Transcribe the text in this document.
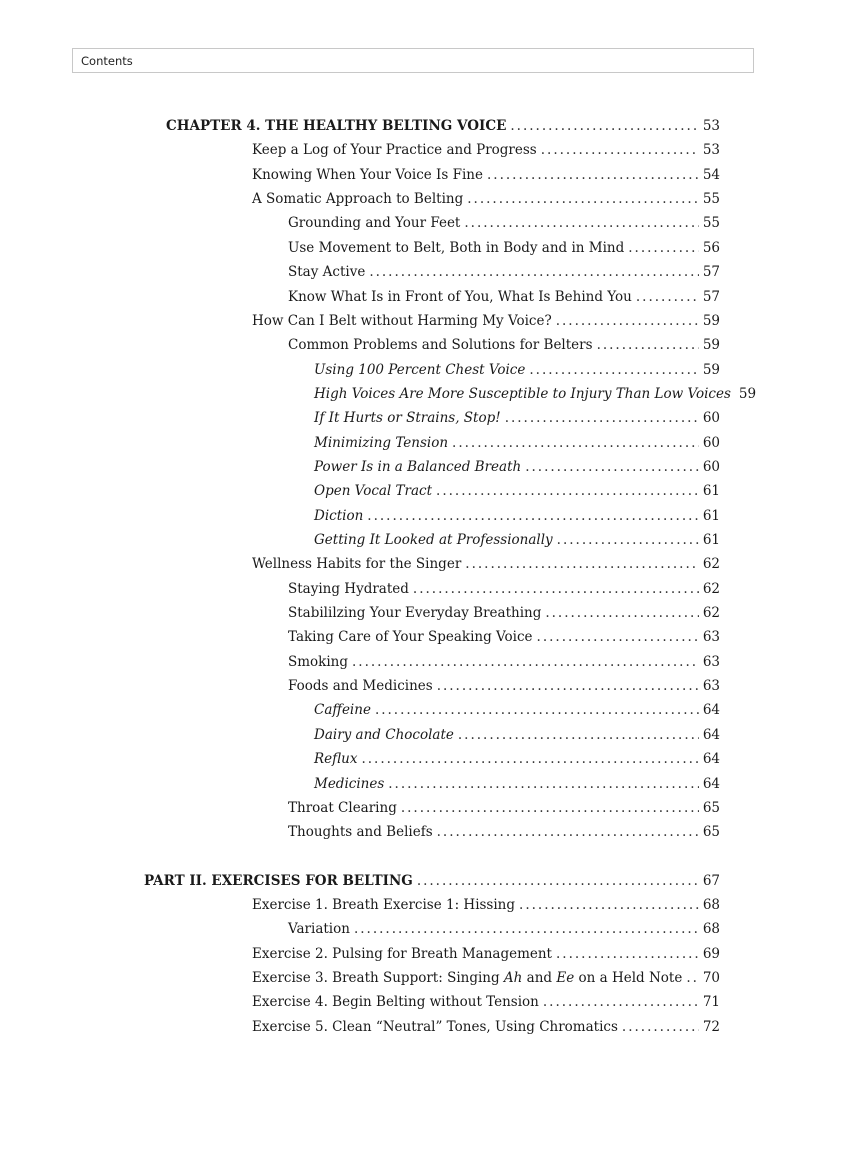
Contents
CHAPTER 4. THE HEALTHY BELTING VOICE .....	53
Keep a Log of Your Practice and Progress .....	53
Knowing When Your Voice Is Fine .....	54
A Somatic Approach to Belting .....	55
Grounding and Your Feet .....	55
Use Movement to Belt, Both in Body and in Mind .....	56
Stay Active .....	57
Know What Is in Front of You, What Is Behind You .....	57
How Can I Belt without Harming My Voice? .....	59
Common Problems and Solutions for Belters .....	59
Using 100 Percent Chest Voice .....	59
High Voices Are More Susceptible to Injury Than Low Voices 59
If It Hurts or Strains, Stop! .....	60
Minimizing Tension .....	60
Power Is in a Balanced Breath .....	60
Open Vocal Tract .....	61
Diction .....	61
Getting It Looked at Professionally .....	61
Wellness Habits for the Singer .....	62
Staying Hydrated .....	62
Stabililzing Your Everyday Breathing .....	62
Taking Care of Your Speaking Voice .....	63
Smoking .....	63
Foods and Medicines .....	63
Caffeine .....	64
Dairy and Chocolate .....	64
Reflux .....	64
Medicines .....	64
Throat Clearing .....	65
Thoughts and Beliefs .....	65
PART II. EXERCISES FOR BELTING .....	67
Exercise 1. Breath Exercise 1: Hissing .....	68
Variation .....	68
Exercise 2. Pulsing for Breath Management .....	69
Exercise 3. Breath Support: Singing Ah and Ee on a Held Note ..... 70
Exercise 4. Begin Belting without Tension .....	71
Exercise 5. Clean “Neutral” Tones, Using Chromatics .....	72
